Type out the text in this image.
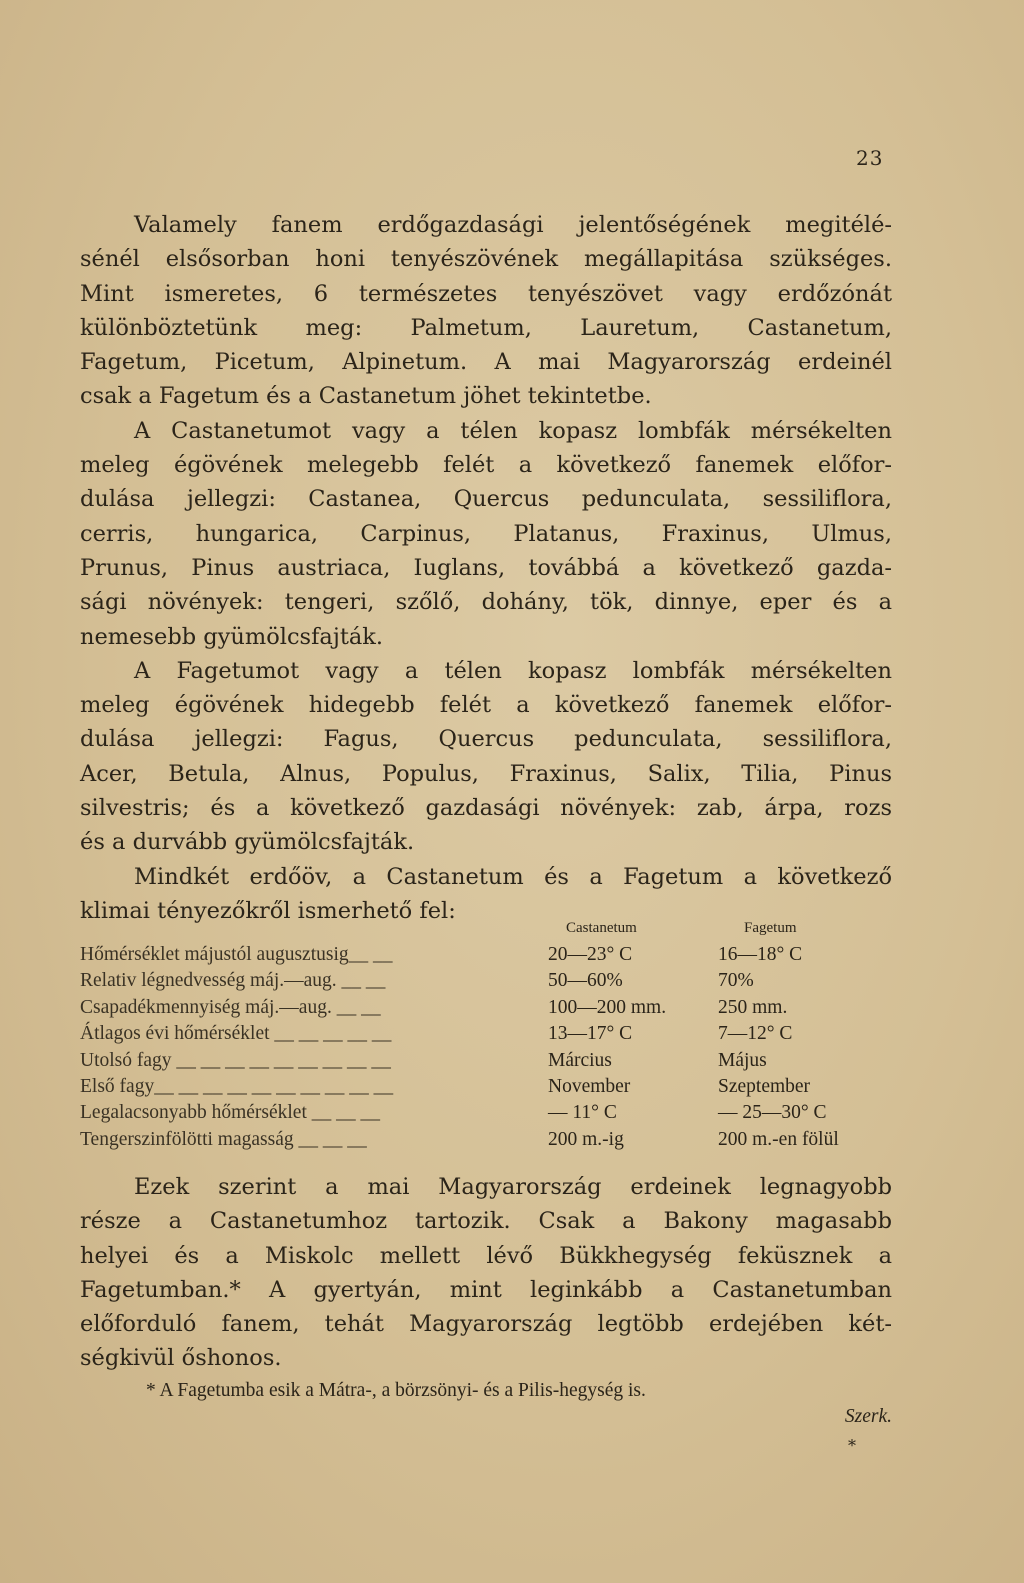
23
Valamely fanem erdőgazdasági jelentőségének megitélé-
sénél elsősorban honi tenyészövének megállapitása szükséges.
Mint ismeretes, 6 természetes tenyészövet vagy erdőzónát
különböztetünk meg: Palmetum, Lauretum, Castanetum,
Fagetum, Picetum, Alpinetum. A mai Magyarország erdeinél
csak a Fagetum és a Castanetum jöhet tekintetbe.
A Castanetumot vagy a télen kopasz lombfák mérsékelten
meleg égövének melegebb felét a következő fanemek előfor-
dulása jellegzi: Castanea, Quercus pedunculata, sessiliflora,
cerris, hungarica, Carpinus, Platanus, Fraxinus, Ulmus,
Prunus, Pinus austriaca, Iuglans, továbbá a következő gazda-
sági növények: tengeri, szőlő, dohány, tök, dinnye, eper és a
nemesebb gyümölcsfajták.
A Fagetumot vagy a télen kopasz lombfák mérsékelten
meleg égövének hidegebb felét a következő fanemek előfor-
dulása jellegzi: Fagus, Quercus pedunculata, sessiliflora,
Acer, Betula, Alnus, Populus, Fraxinus, Salix, Tilia, Pinus
silvestris; és a következő gazdasági növények: zab, árpa, rozs
és a durvább gyümölcsfajták.
Mindkét erdőöv, a Castanetum és a Fagetum a következő
klimai tényezőkről ismerhető fel:
Castanetum	Fagetum
Hőmérséklet májustól augusztusig__ __	20—23° C	16—18° C
Relativ légnedvesség máj.—aug. __ __	50—60%	70%
Csapadékmennyiség máj.—aug. __ __	100—200 mm.	250 mm.
Átlagos évi hőmérséklet __ __ __ __ __	13—17° C	7—12° C
Utolsó fagy __ __ __ __ __ __ __ __ __	Március	Május
Első fagy__ __ __ __ __ __ __ __ __ __	November	Szeptember
Legalacsonyabb hőmérséklet __ __ __	— 11° C	— 25—30° C
Tengerszinfölötti magasság __ __ __	200 m.-ig	200 m.-en fölül
Ezek szerint a mai Magyarország erdeinek legnagyobb
része a Castanetumhoz tartozik. Csak a Bakony magasabb
helyei és a Miskolc mellett lévő Bükkhegység feküsznek a
Fagetumban.* A gyertyán, mint leginkább a Castanetumban
előforduló fanem, tehát Magyarország legtöbb erdejében két-
ségkivül őshonos.
* A Fagetumba esik a Mátra-, a börzsönyi- és a Pilis-hegység is.
Szerk.
*
